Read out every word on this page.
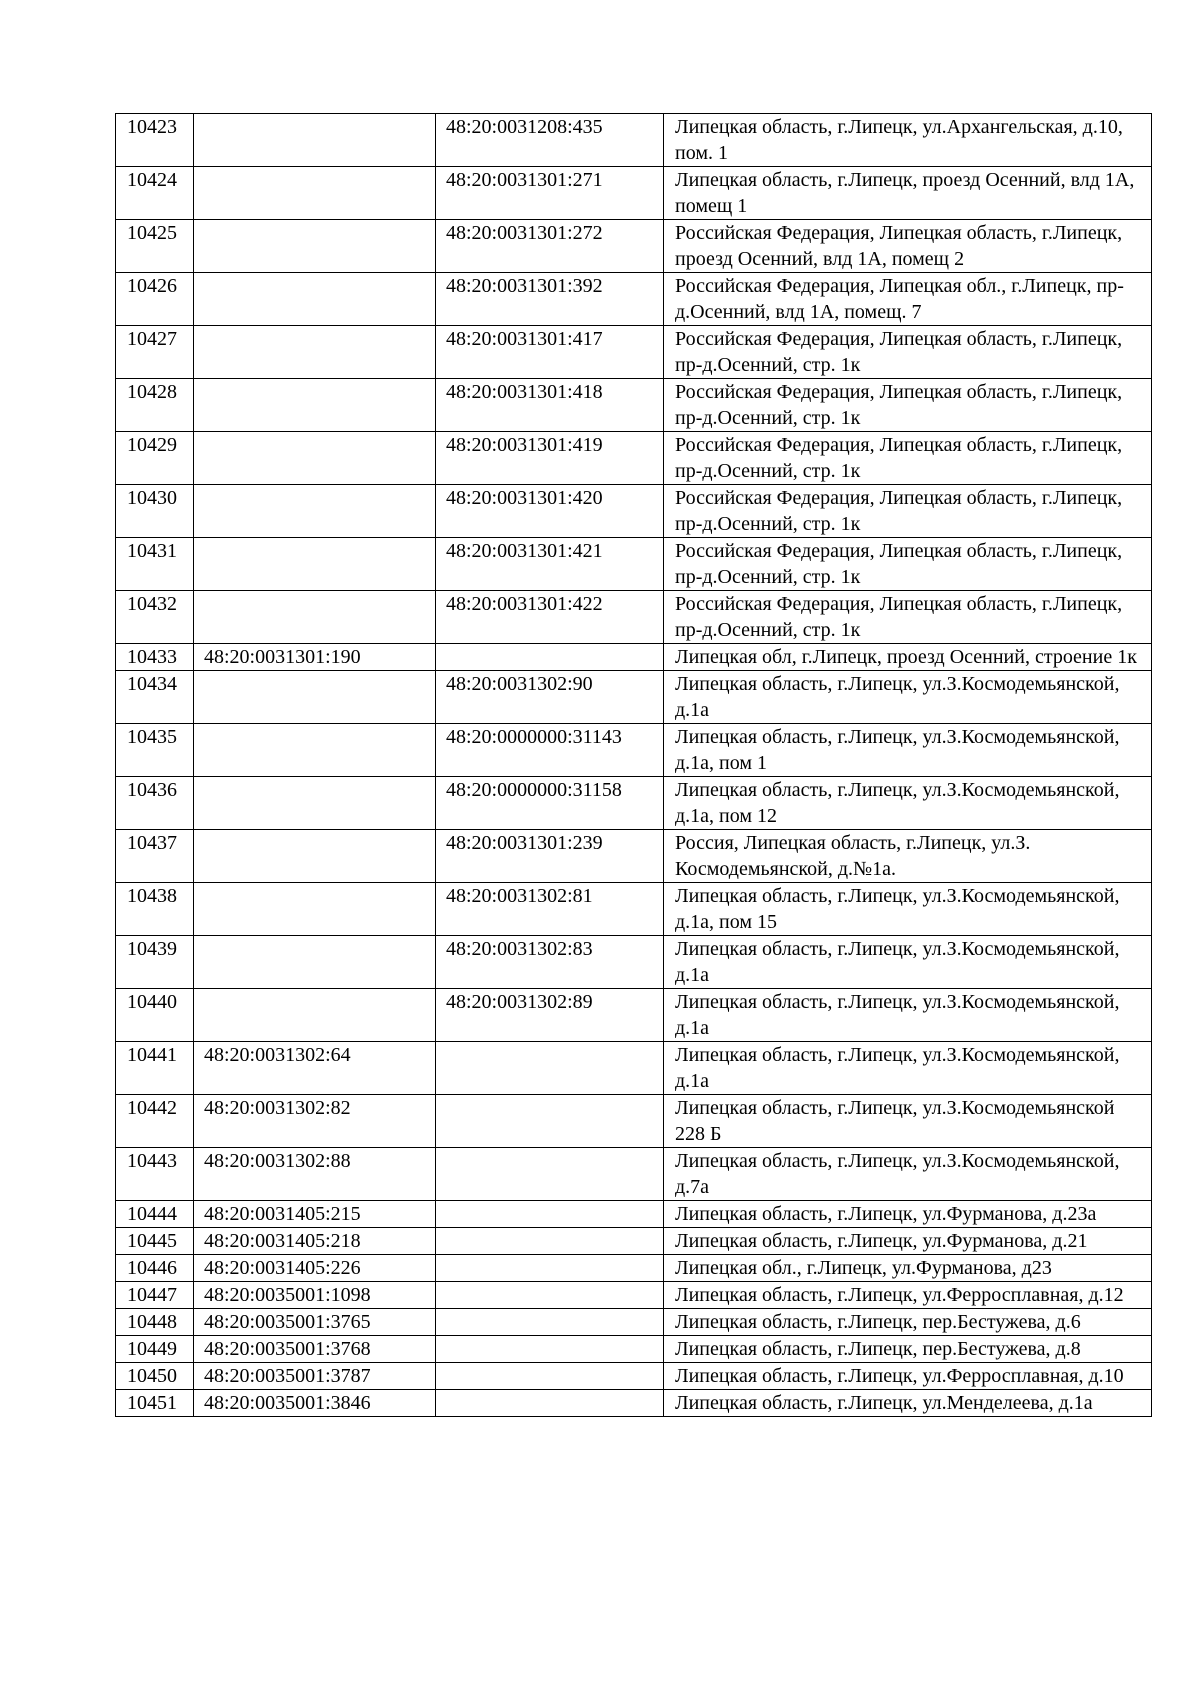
10423		48:20:0031208:435	Липецкая область, г.Липецк, ул.Архангельская, д.10, пом. 1
10424		48:20:0031301:271	Липецкая область, г.Липецк, проезд Осенний, влд 1А, помещ 1
10425		48:20:0031301:272	Российская Федерация, Липецкая область, г.Липецк, проезд Осенний, влд 1А, помещ 2
10426		48:20:0031301:392	Российская Федерация, Липецкая обл., г.Липецк, пр-д.Осенний, влд 1А, помещ. 7
10427		48:20:0031301:417	Российская Федерация, Липецкая область, г.Липецк, пр-д.Осенний, стр. 1к
10428		48:20:0031301:418	Российская Федерация, Липецкая область, г.Липецк, пр-д.Осенний, стр. 1к
10429		48:20:0031301:419	Российская Федерация, Липецкая область, г.Липецк, пр-д.Осенний, стр. 1к
10430		48:20:0031301:420	Российская Федерация, Липецкая область, г.Липецк, пр-д.Осенний, стр. 1к
10431		48:20:0031301:421	Российская Федерация, Липецкая область, г.Липецк, пр-д.Осенний, стр. 1к
10432		48:20:0031301:422	Российская Федерация, Липецкая область, г.Липецк, пр-д.Осенний, стр. 1к
10433	48:20:0031301:190		Липецкая обл, г.Липецк, проезд Осенний, строение 1к
10434		48:20:0031302:90	Липецкая область, г.Липецк, ул.З.Космодемьянской, д.1а
10435		48:20:0000000:31143	Липецкая область, г.Липецк, ул.З.Космодемьянской, д.1а, пом 1
10436		48:20:0000000:31158	Липецкая область, г.Липецк, ул.З.Космодемьянской, д.1а, пом 12
10437		48:20:0031301:239	Россия, Липецкая область, г.Липецк, ул.З. Космодемьянской, д.№1а.
10438		48:20:0031302:81	Липецкая область, г.Липецк, ул.З.Космодемьянской, д.1а, пом 15
10439		48:20:0031302:83	Липецкая область, г.Липецк, ул.З.Космодемьянской, д.1а
10440		48:20:0031302:89	Липецкая область, г.Липецк, ул.З.Космодемьянской, д.1а
10441	48:20:0031302:64		Липецкая область, г.Липецк, ул.З.Космодемьянской, д.1а
10442	48:20:0031302:82		Липецкая область, г.Липецк, ул.З.Космодемьянской 228 Б
10443	48:20:0031302:88		Липецкая область, г.Липецк, ул.З.Космодемьянской, д.7а
10444	48:20:0031405:215		Липецкая область, г.Липецк, ул.Фурманова, д.23а
10445	48:20:0031405:218		Липецкая область, г.Липецк, ул.Фурманова, д.21
10446	48:20:0031405:226		Липецкая обл., г.Липецк, ул.Фурманова, д23
10447	48:20:0035001:1098		Липецкая область, г.Липецк, ул.Ферросплавная, д.12
10448	48:20:0035001:3765		Липецкая область, г.Липецк, пер.Бестужева, д.6
10449	48:20:0035001:3768		Липецкая область, г.Липецк, пер.Бестужева, д.8
10450	48:20:0035001:3787		Липецкая область, г.Липецк, ул.Ферросплавная, д.10
10451	48:20:0035001:3846		Липецкая область, г.Липецк, ул.Менделеева, д.1а
